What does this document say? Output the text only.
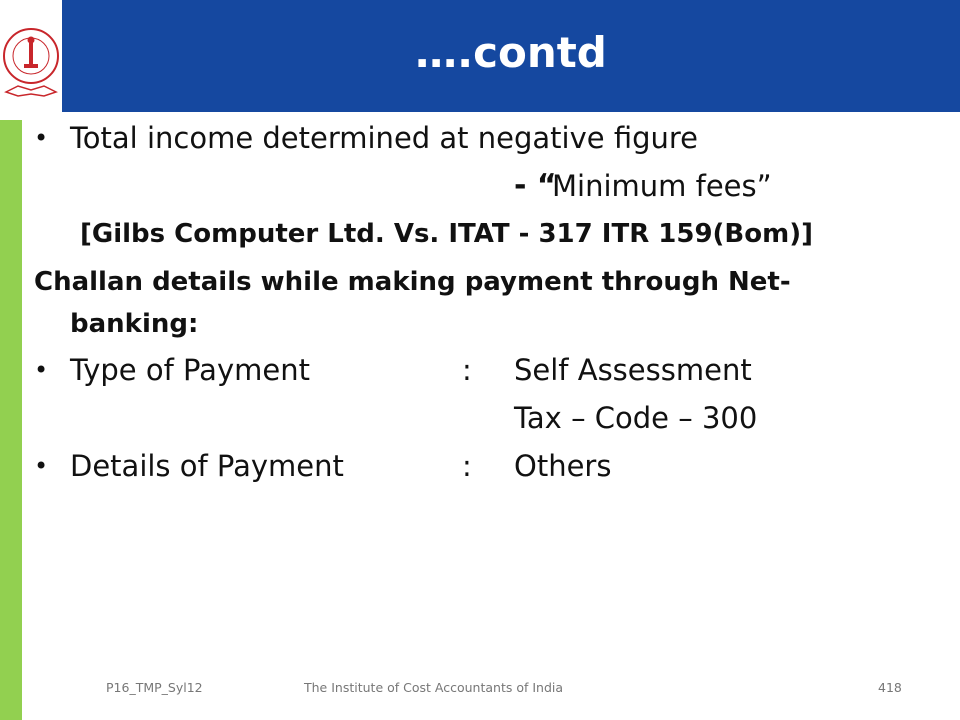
….contd
• Total income determined at negative figure
- “
Minimum fees”
[Gilbs Computer Ltd. Vs. ITAT - 317 ITR 159(Bom)]
Challan details while making payment through Net-
banking:
• Type of Payment	: Self Assessment
Tax – Code – 300
• Details of Payment	: Others
P16_TMP_Syl12	The Institute of Cost Accountants of India	418
